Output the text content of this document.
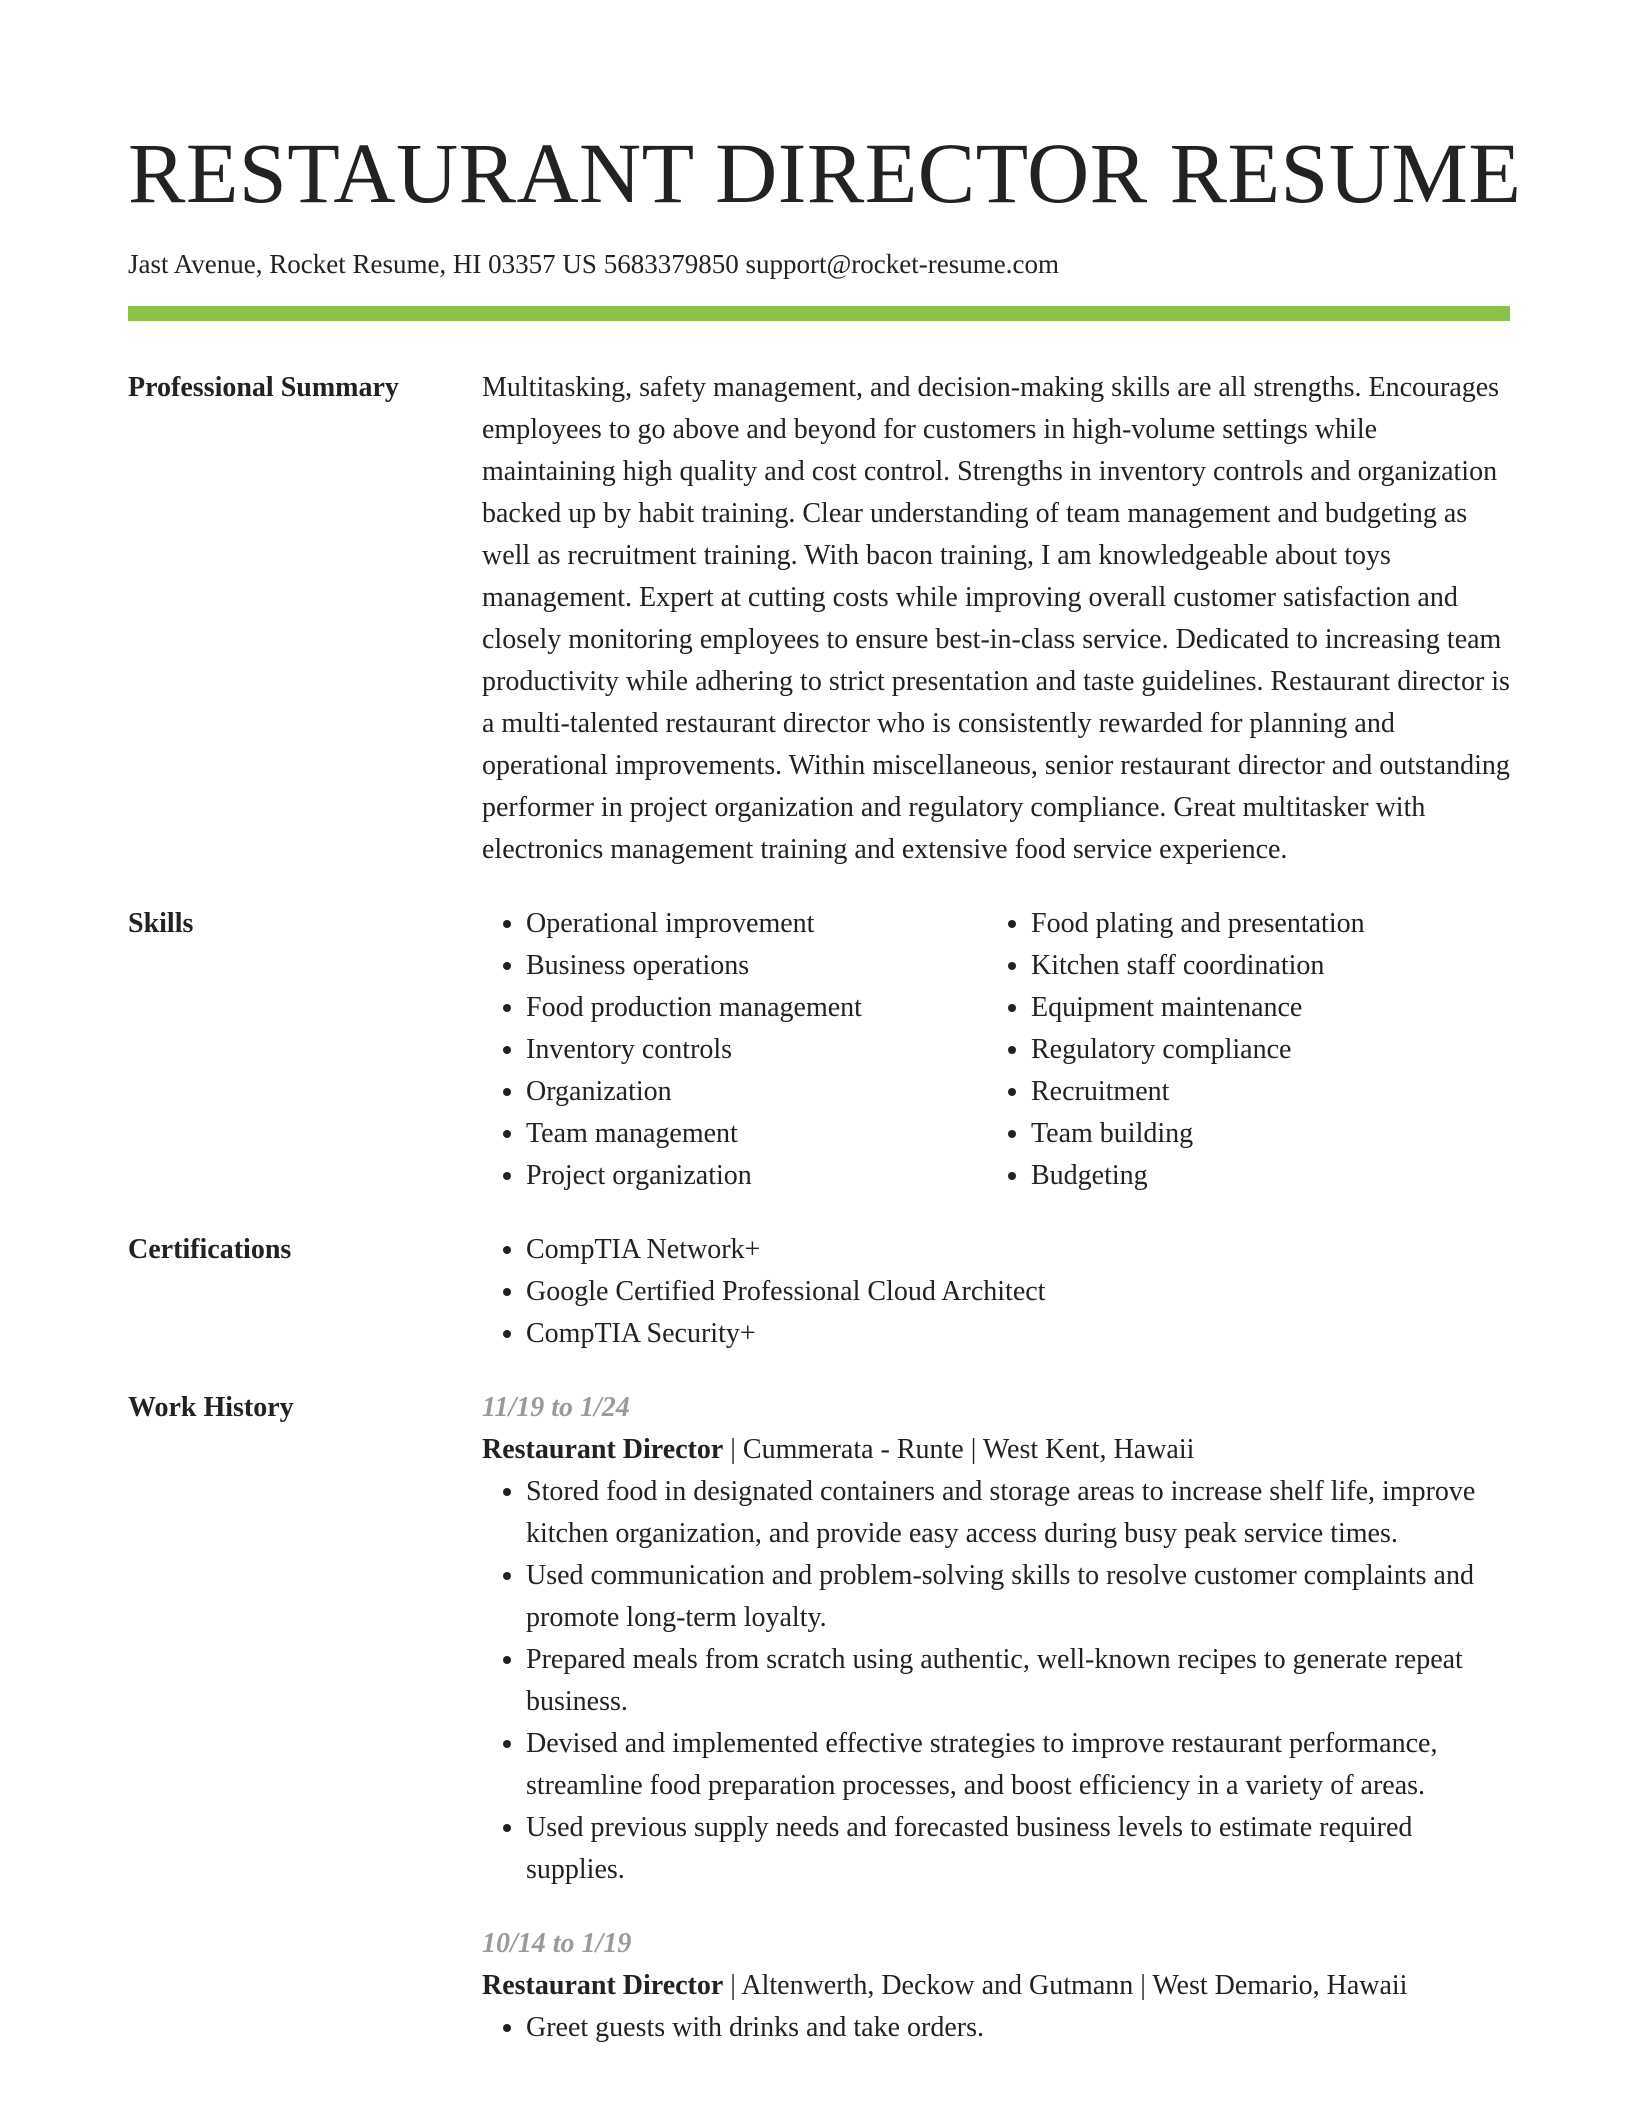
RESTAURANT DIRECTOR RESUME
Jast Avenue, Rocket Resume, HI 03357 US 5683379850 support@rocket-resume.com
Professional Summary	Multitasking, safety management, and decision-making skills are all strengths. Encourages employees to go above and beyond for customers in high-volume settings while maintaining high quality and cost control. Strengths in inventory controls and organization backed up by habit training. Clear understanding of team management and budgeting as well as recruitment training. With bacon training, I am knowledgeable about toys management. Expert at cutting costs while improving overall customer satisfaction and closely monitoring employees to ensure best-in-class service. Dedicated to increasing team productivity while adhering to strict presentation and taste guidelines. Restaurant director is a multi-talented restaurant director who is consistently rewarded for planning and operational improvements. Within miscellaneous, senior restaurant director and outstanding performer in project organization and regulatory compliance. Great multitasker with electronics management training and extensive food service experience.
Skills	• Operational improvement
• Business operations
• Food production management
• Inventory controls
• Organization
• Team management
• Project organization
• Food plating and presentation
• Kitchen staff coordination
• Equipment maintenance
• Regulatory compliance
• Recruitment
• Team building
• Budgeting
Certifications	• CompTIA Network+
• Google Certified Professional Cloud Architect
• CompTIA Security+
Work History	11/19 to 1/24
Restaurant Director | Cummerata - Runte | West Kent, Hawaii
• Stored food in designated containers and storage areas to increase shelf life, improve kitchen organization, and provide easy access during busy peak service times.
• Used communication and problem-solving skills to resolve customer complaints and promote long-term loyalty.
• Prepared meals from scratch using authentic, well-known recipes to generate repeat business.
• Devised and implemented effective strategies to improve restaurant performance, streamline food preparation processes, and boost efficiency in a variety of areas.
• Used previous supply needs and forecasted business levels to estimate required supplies.
10/14 to 1/19
Restaurant Director | Altenwerth, Deckow and Gutmann | West Demario, Hawaii
• Greet guests with drinks and take orders.
